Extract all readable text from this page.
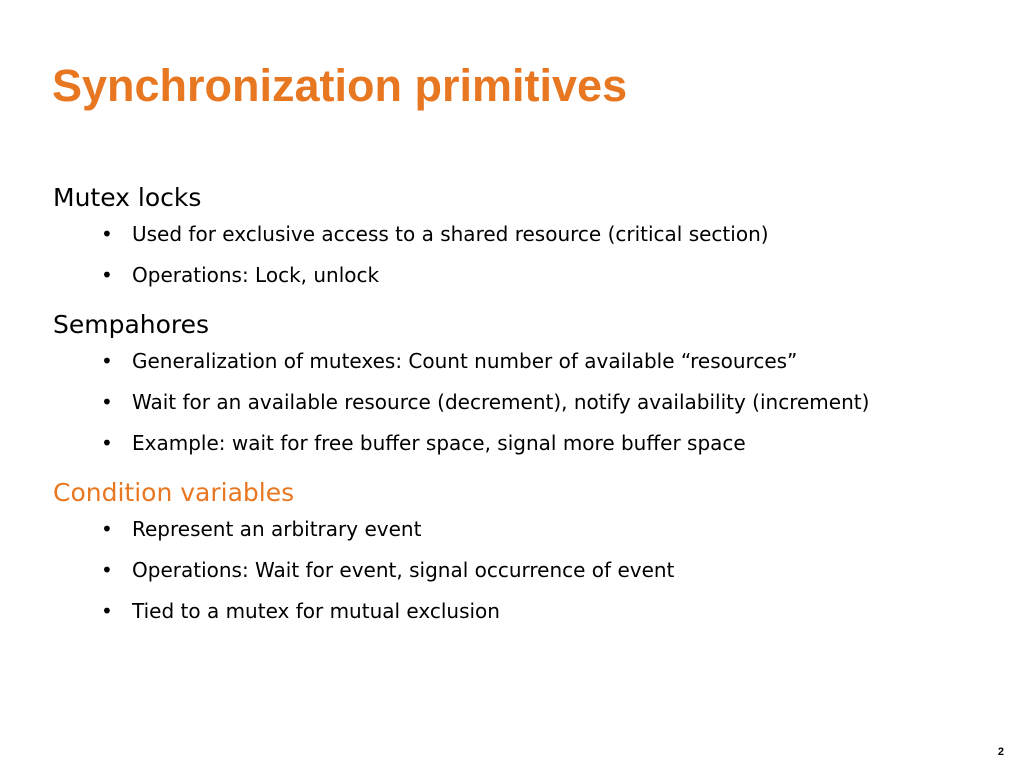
Synchronization primitives
Mutex locks
• Used for exclusive access to a shared resource (critical section)
• Operations: Lock, unlock
Sempahores
• Generalization of mutexes: Count number of available “resources”
• Wait for an available resource (decrement), notify availability (increment)
• Example: wait for free buffer space, signal more buffer space
Condition variables
• Represent an arbitrary event
• Operations: Wait for event, signal occurrence of event
• Tied to a mutex for mutual exclusion
2
